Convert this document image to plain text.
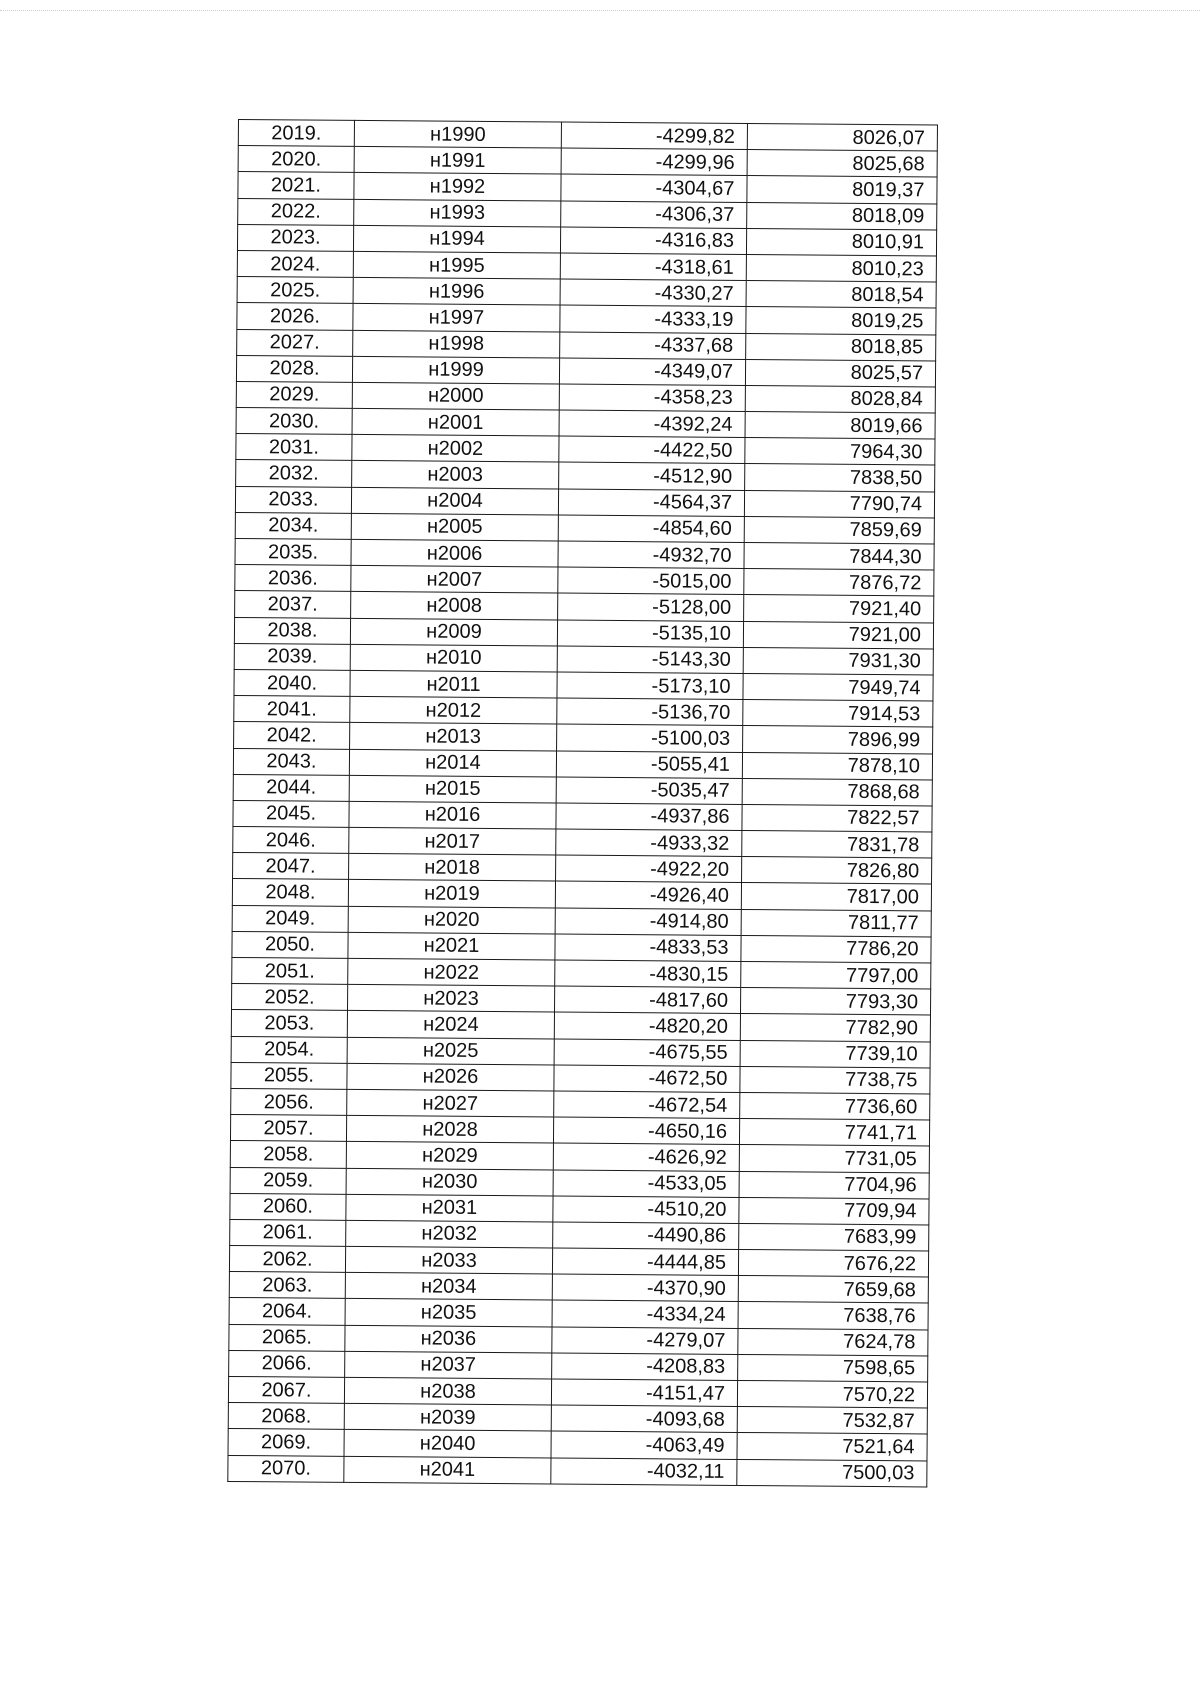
2019.	н1990	-4299,82	8026,07
2020.	н1991	-4299,96	8025,68
2021.	н1992	-4304,67	8019,37
2022.	н1993	-4306,37	8018,09
2023.	н1994	-4316,83	8010,91
2024.	н1995	-4318,61	8010,23
2025.	н1996	-4330,27	8018,54
2026.	н1997	-4333,19	8019,25
2027.	н1998	-4337,68	8018,85
2028.	н1999	-4349,07	8025,57
2029.	н2000	-4358,23	8028,84
2030.	н2001	-4392,24	8019,66
2031.	н2002	-4422,50	7964,30
2032.	н2003	-4512,90	7838,50
2033.	н2004	-4564,37	7790,74
2034.	н2005	-4854,60	7859,69
2035.	н2006	-4932,70	7844,30
2036.	н2007	-5015,00	7876,72
2037.	н2008	-5128,00	7921,40
2038.	н2009	-5135,10	7921,00
2039.	н2010	-5143,30	7931,30
2040.	н2011	-5173,10	7949,74
2041.	н2012	-5136,70	7914,53
2042.	н2013	-5100,03	7896,99
2043.	н2014	-5055,41	7878,10
2044.	н2015	-5035,47	7868,68
2045.	н2016	-4937,86	7822,57
2046.	н2017	-4933,32	7831,78
2047.	н2018	-4922,20	7826,80
2048.	н2019	-4926,40	7817,00
2049.	н2020	-4914,80	7811,77
2050.	н2021	-4833,53	7786,20
2051.	н2022	-4830,15	7797,00
2052.	н2023	-4817,60	7793,30
2053.	н2024	-4820,20	7782,90
2054.	н2025	-4675,55	7739,10
2055.	н2026	-4672,50	7738,75
2056.	н2027	-4672,54	7736,60
2057.	н2028	-4650,16	7741,71
2058.	н2029	-4626,92	7731,05
2059.	н2030	-4533,05	7704,96
2060.	н2031	-4510,20	7709,94
2061.	н2032	-4490,86	7683,99
2062.	н2033	-4444,85	7676,22
2063.	н2034	-4370,90	7659,68
2064.	н2035	-4334,24	7638,76
2065.	н2036	-4279,07	7624,78
2066.	н2037	-4208,83	7598,65
2067.	н2038	-4151,47	7570,22
2068.	н2039	-4093,68	7532,87
2069.	н2040	-4063,49	7521,64
2070.	н2041	-4032,11	7500,03
